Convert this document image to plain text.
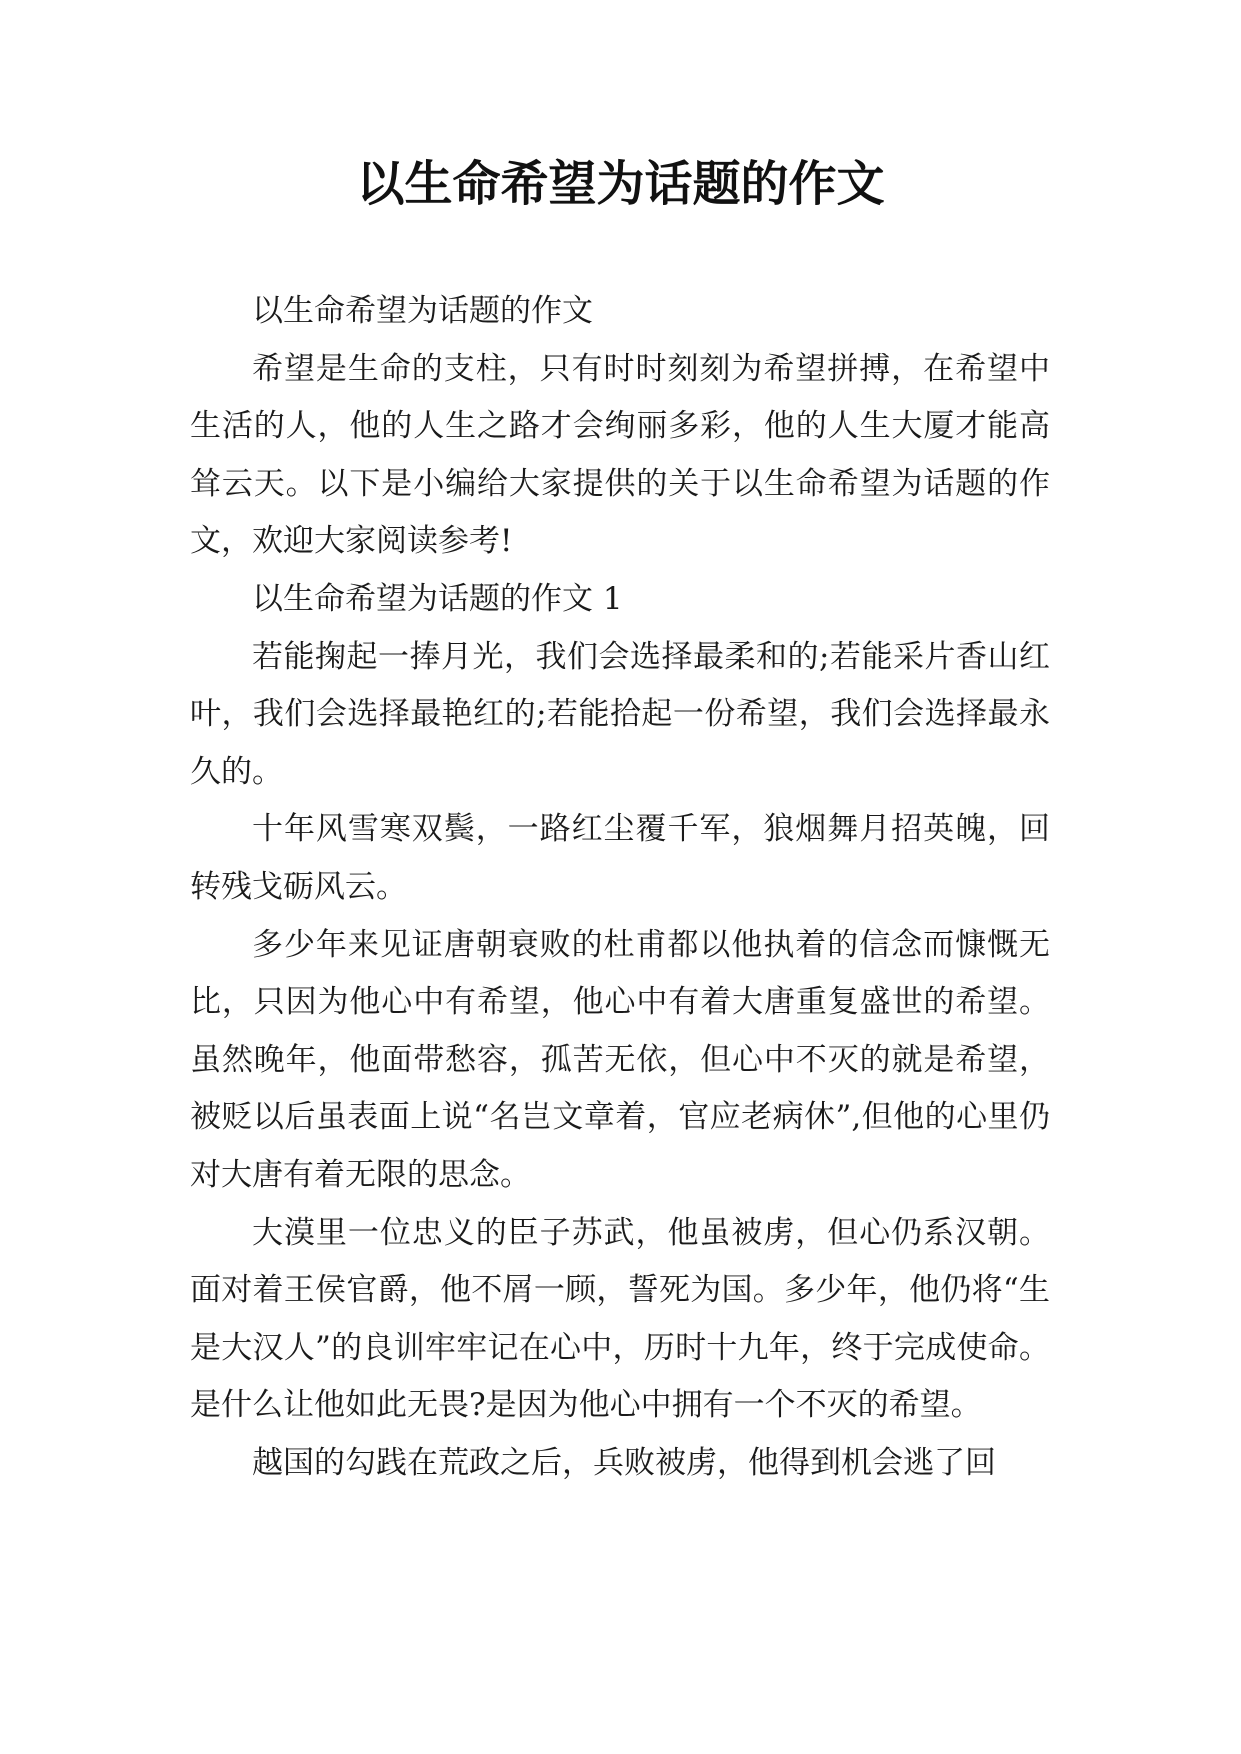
以生命希望为话题的作文

以生命希望为话题的作文

希望是生命的支柱，只有时时刻刻为希望拼搏，在希望中生活的人，他的人生之路才会绚丽多彩，他的人生大厦才能高耸云天。以下是小编给大家提供的关于以生命希望为话题的作文，欢迎大家阅读参考!

以生命希望为话题的作文 1

若能掬起一捧月光，我们会选择最柔和的;若能采片香山红叶，我们会选择最艳红的;若能拾起一份希望，我们会选择最永久的。

十年风雪寒双鬓，一路红尘覆千军，狼烟舞月招英魄，回转残戈砺风云。

多少年来见证唐朝衰败的杜甫都以他执着的信念而慷慨无比，只因为他心中有希望，他心中有着大唐重复盛世的希望。虽然晚年，他面带愁容，孤苦无依，但心中不灭的就是希望，被贬以后虽表面上说“名岂文章着，官应老病休”,但他的心里仍对大唐有着无限的思念。

大漠里一位忠义的臣子苏武，他虽被虏，但心仍系汉朝。面对着王侯官爵，他不屑一顾，誓死为国。多少年，他仍将“生是大汉人”的良训牢牢记在心中，历时十九年，终于完成使命。是什么让他如此无畏?是因为他心中拥有一个不灭的希望。

越国的勾践在荒政之后，兵败被虏，他得到机会逃了回
